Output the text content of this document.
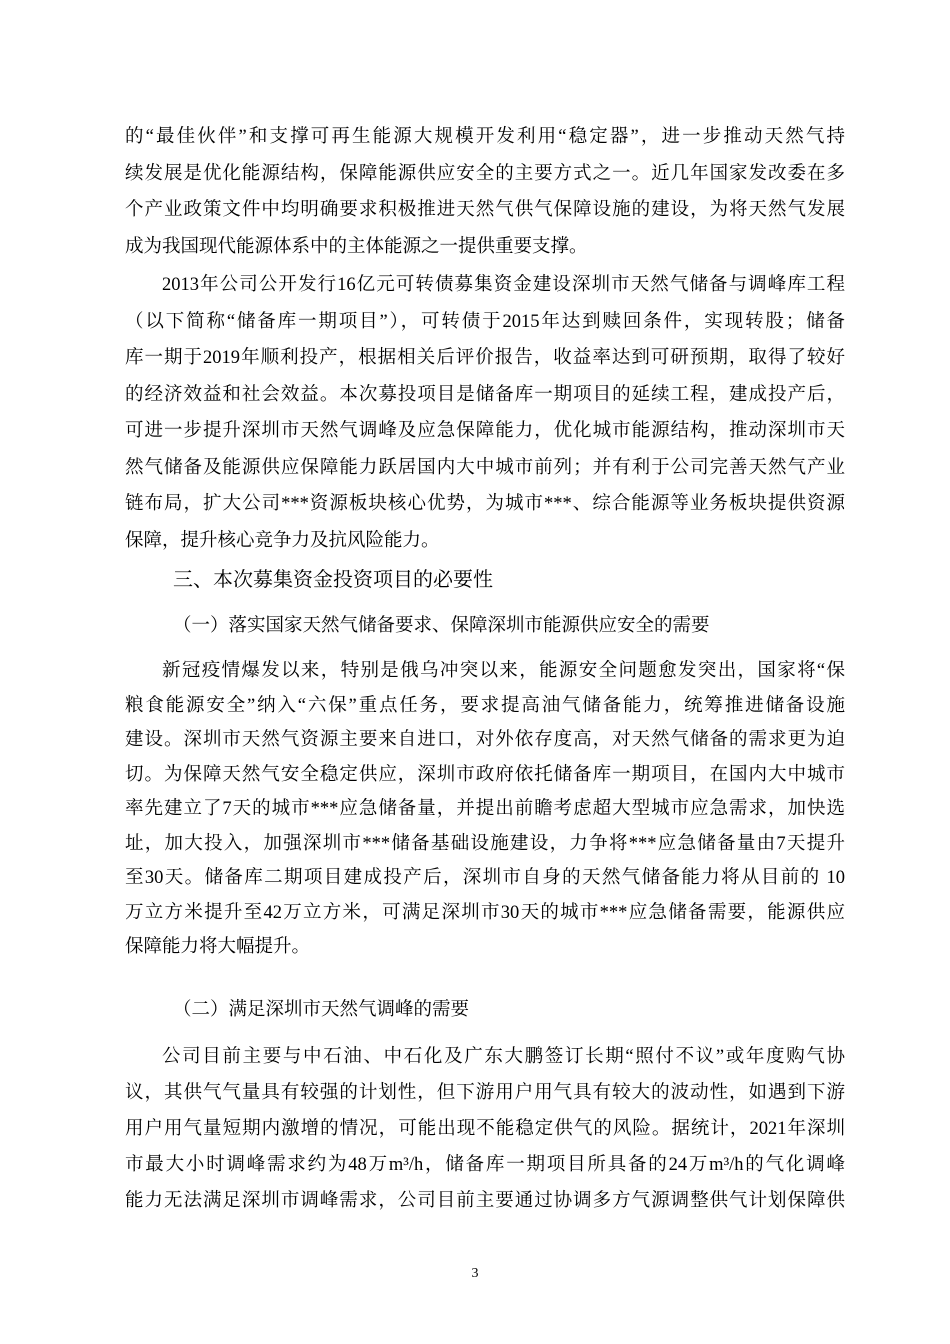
的“最佳伙伴”和支撑可再生能源大规模开发利用“稳定器”，进一步推动天然气持
续发展是优化能源结构，保障能源供应安全的主要方式之一。近几年国家发改委在多
个产业政策文件中均明确要求积极推进天然气供气保障设施的建设，为将天然气发展
成为我国现代能源体系中的主体能源之一提供重要支撑。
2013年公司公开发行16亿元可转债募集资金建设深圳市天然气储备与调峰库工程
（以下简称“储备库一期项目”），可转债于2015年达到赎回条件，实现转股；储备
库一期于2019年顺利投产，根据相关后评价报告，收益率达到可研预期，取得了较好
的经济效益和社会效益。本次募投项目是储备库一期项目的延续工程，建成投产后，
可进一步提升深圳市天然气调峰及应急保障能力，优化城市能源结构，推动深圳市天
然气储备及能源供应保障能力跃居国内大中城市前列；并有利于公司完善天然气产业
链布局，扩大公司***资源板块核心优势，为城市***、综合能源等业务板块提供资源
保障，提升核心竞争力及抗风险能力。
三、本次募集资金投资项目的必要性
（一）落实国家天然气储备要求、保障深圳市能源供应安全的需要
新冠疫情爆发以来，特别是俄乌冲突以来，能源安全问题愈发突出，国家将“保
粮食能源安全”纳入“六保”重点任务，要求提高油气储备能力，统筹推进储备设施
建设。深圳市天然气资源主要来自进口，对外依存度高，对天然气储备的需求更为迫
切。为保障天然气安全稳定供应，深圳市政府依托储备库一期项目，在国内大中城市
率先建立了7天的城市***应急储备量，并提出前瞻考虑超大型城市应急需求，加快选
址，加大投入，加强深圳市***储备基础设施建设，力争将***应急储备量由7天提升
至30天。储备库二期项目建成投产后，深圳市自身的天然气储备能力将从目前的 10
万立方米提升至42万立方米，可满足深圳市30天的城市***应急储备需要，能源供应
保障能力将大幅提升。
（二）满足深圳市天然气调峰的需要
公司目前主要与中石油、中石化及广东大鹏签订长期“照付不议”或年度购气协
议，其供气气量具有较强的计划性，但下游用户用气具有较大的波动性，如遇到下游
用户用气量短期内激增的情况，可能出现不能稳定供气的风险。据统计，2021年深圳
市最大小时调峰需求约为48万m³/h，储备库一期项目所具备的24万m³/h的气化调峰
能力无法满足深圳市调峰需求，公司目前主要通过协调多方气源调整供气计划保障供
3
